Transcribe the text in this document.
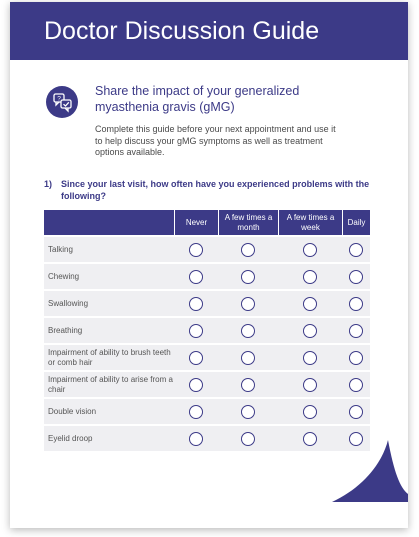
Doctor Discussion Guide
?
Share the impact of your generalized myasthenia gravis (gMG)
Complete this guide before your next appointment and use it to help discuss your gMG symptoms as well as treatment options available.
1) Since your last visit, how often have you experienced problems with the following?
	Never	A few times a month	A few times a week	Daily
Talking				
Chewing				
Swallowing				
Breathing				
Impairment of ability to brush teeth or comb hair				
Impairment of ability to arise from a chair				
Double vision				
Eyelid droop				
